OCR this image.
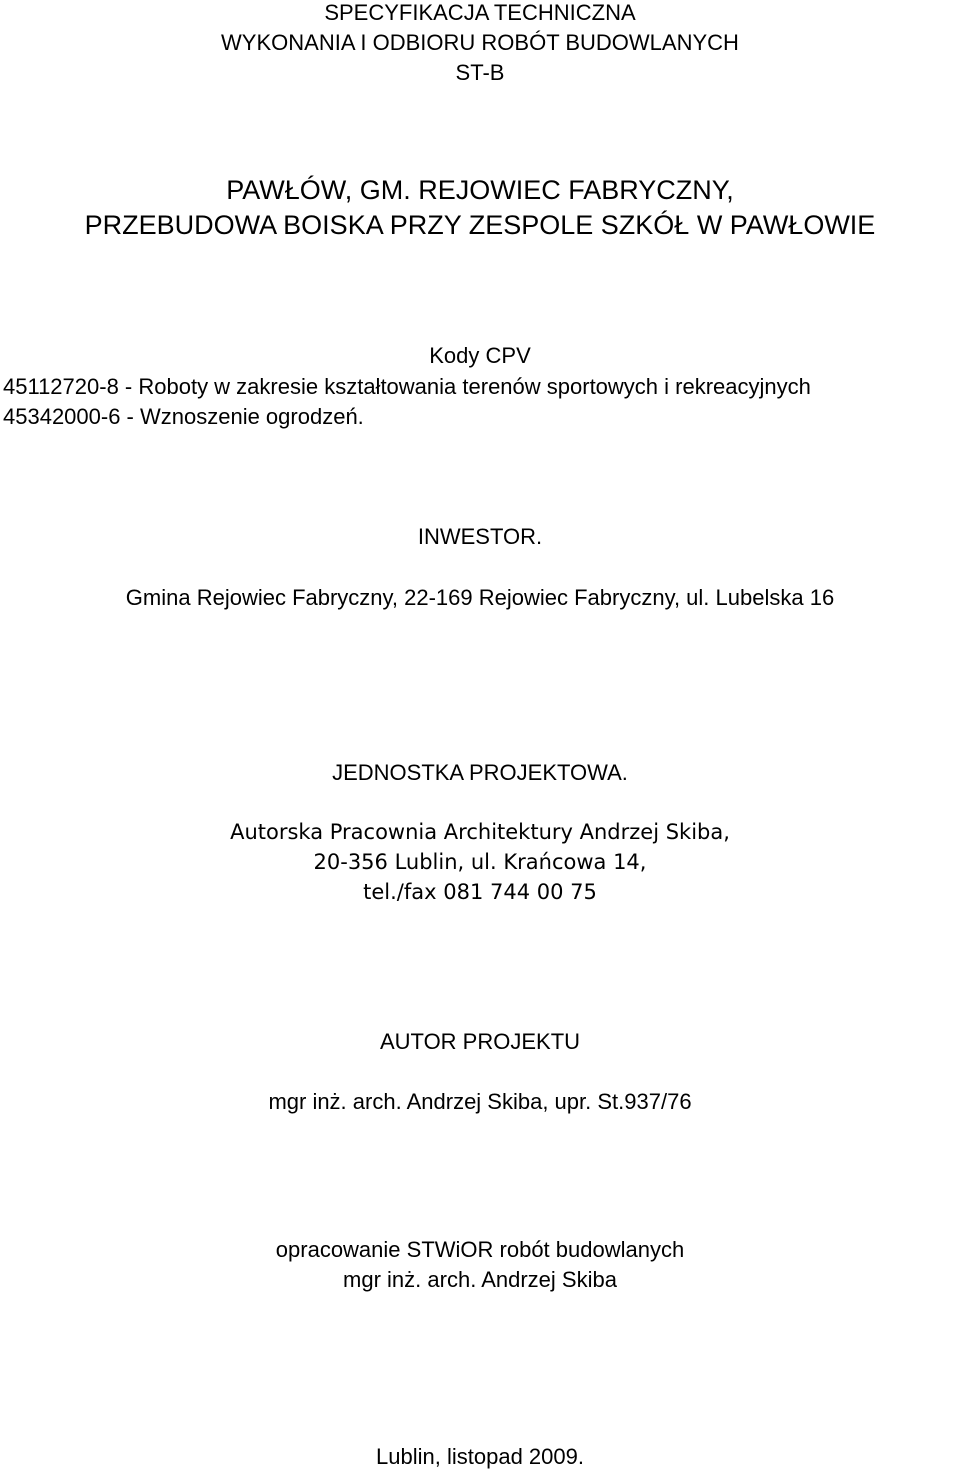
SPECYFIKACJA TECHNICZNA
WYKONANIA I ODBIORU ROBÓT BUDOWLANYCH
ST-B
PAWŁÓW, GM. REJOWIEC FABRYCZNY,
PRZEBUDOWA BOISKA PRZY ZESPOLE SZKÓŁ W PAWŁOWIE
Kody CPV
45112720-8 - Roboty w zakresie kształtowania terenów sportowych i rekreacyjnych
45342000-6 - Wznoszenie ogrodzeń.
INWESTOR.
Gmina Rejowiec Fabryczny, 22-169 Rejowiec Fabryczny, ul. Lubelska 16
JEDNOSTKA PROJEKTOWA.
Autorska Pracownia Architektury Andrzej Skiba,
20-356 Lublin, ul. Krańcowa 14,
tel./fax 081 744 00 75
AUTOR PROJEKTU
mgr inż. arch. Andrzej Skiba, upr. St.937/76
opracowanie STWiOR robót budowlanych
mgr inż. arch. Andrzej Skiba
Lublin, listopad 2009.
